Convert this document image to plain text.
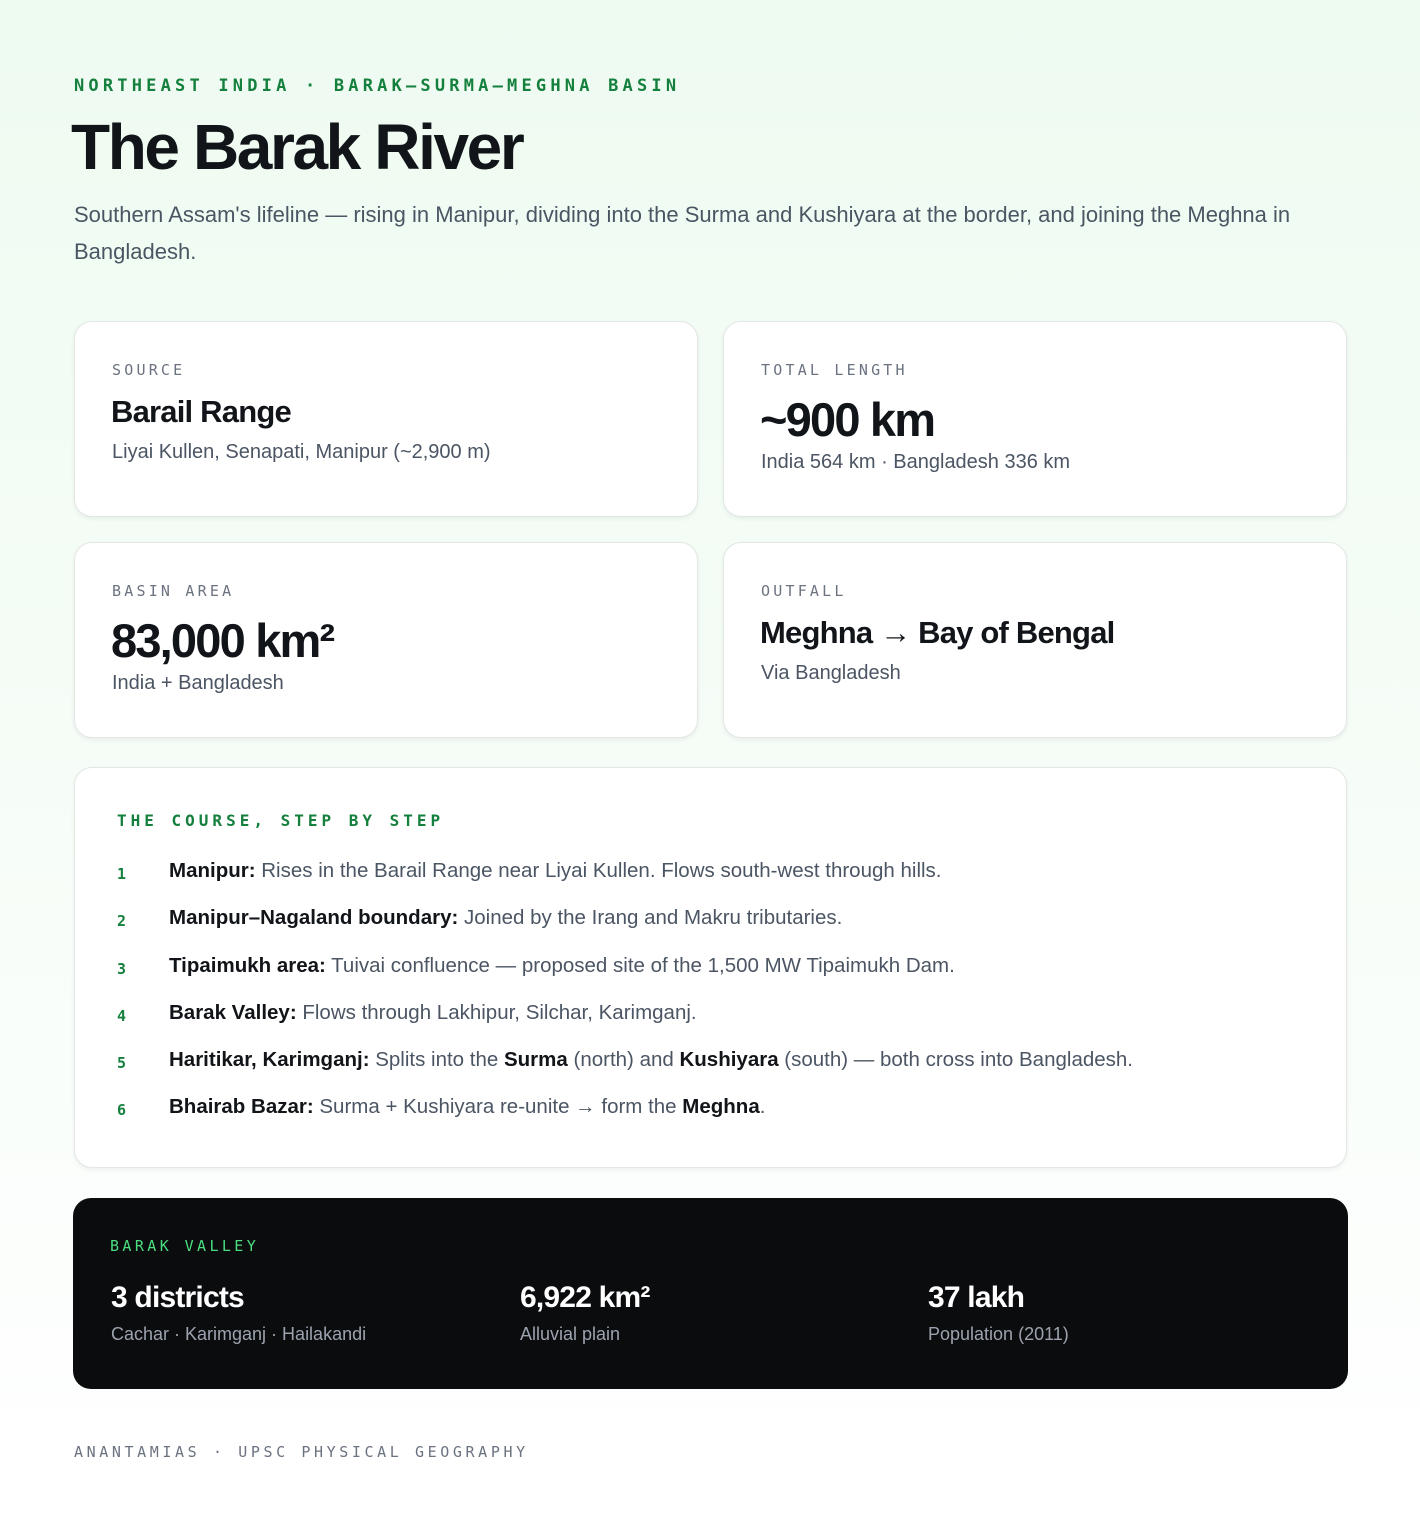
NORTHEAST INDIA · BARAK–SURMA–MEGHNA BASIN
The Barak River

Southern Assam's lifeline — rising in Manipur, dividing into the Surma and Kushiyara at the border, and joining the Meghna in Bangladesh.

SOURCE
Barail Range
Liyai Kullen, Senapati, Manipur (~2,900 m)
TOTAL LENGTH
~900 km
India 564 km · Bangladesh 336 km
BASIN AREA
83,000 km²
India + Bangladesh
OUTFALL
Meghna → Bay of Bengal
Via Bangladesh
THE COURSE, STEP BY STEP
1 Manipur: Rises in the Barail Range near Liyai Kullen. Flows south-west through hills.
2 Manipur–Nagaland boundary: Joined by the Irang and Makru tributaries.
3 Tipaimukh area: Tuivai confluence — proposed site of the 1,500 MW Tipaimukh Dam.
4 Barak Valley: Flows through Lakhipur, Silchar, Karimganj.
5 Haritikar, Karimganj: Splits into the Surma (north) and Kushiyara (south) — both cross into Bangladesh.
6 Bhairab Bazar: Surma + Kushiyara re-unite → form the Meghna.
BARAK VALLEY
3 districts
Cachar · Karimganj · Hailakandi
6,922 km²
Alluvial plain
37 lakh
Population (2011)
ANANTAMIAS · UPSC PHYSICAL GEOGRAPHY
